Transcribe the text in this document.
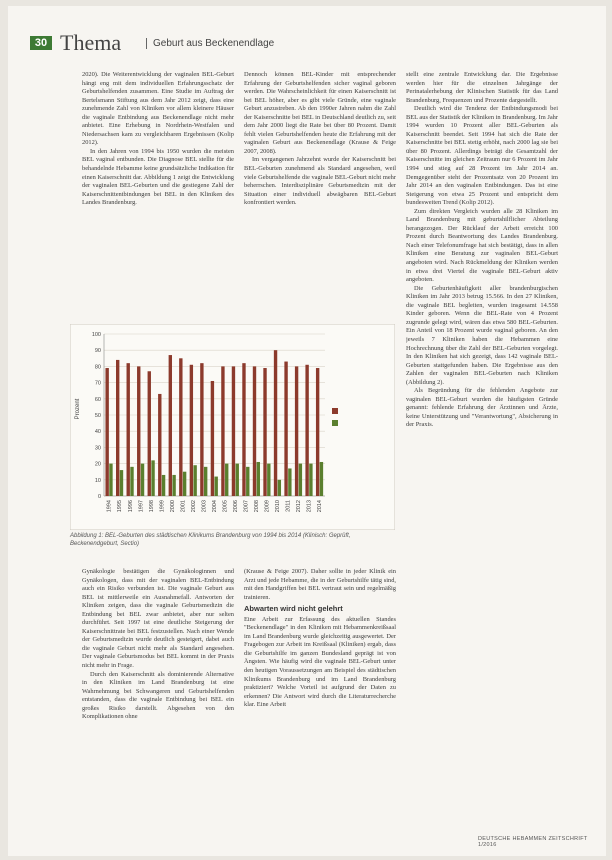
30 Thema	Geburt aus Beckenendlage

2020). Die Weiterentwicklung der vaginalen BEL-Geburt hängt eng mit dem individuellen Erfahrungsschatz der Geburtshelfenden zusammen. Eine Studie im Auftrag der Bertelsmann Stiftung aus dem Jahr 2012 zeigt, dass eine zunehmende Zahl von Kliniken vor allem kleinere Häuser die vaginale Entbindung aus Beckenendlage nicht mehr anbietet. Eine Erhebung in Nordrhein-Westfalen und Niedersachsen kam zu vergleichbaren Ergebnissen (Kolip 2012).

In den Jahren von 1994 bis 1950 wurden die meisten BEL vaginal entbunden. Die Diagnose BEL stellte für die behandelnde Hebamme keine grundsätzliche Indikation für einen Kaiserschnitt dar. Abbildung 1 zeigt die Entwicklung der vaginalen BEL-Geburten und die gestiegene Zahl der Kaiserschnittentbindungen bei BEL in den Kliniken des Landes Brandenburg.

Dennoch können BEL-Kinder mit entsprechender Erfahrung der Geburtshelfenden sicher vaginal geboren werden. Die Wahrscheinlichkeit für einen Kaiserschnitt ist bei BEL höher, aber es gibt viele Gründe, eine vaginale Geburt anzustreben. Ab den 1990er Jahren nahm die Zahl der Kaiserschnitte bei BEL in Deutschland deutlich zu, seit dem Jahr 2000 liegt die Rate bei über 80 Prozent. Damit fehlt vielen Geburtshelfenden heute die Erfahrung mit der vaginalen Geburt aus Beckenendlage (Krause & Feige 2007, 2008).

Im vergangenen Jahrzehnt wurde der Kaiserschnitt bei BEL-Geburten zunehmend als Standard angesehen, weil viele Geburtshelfende die vaginale BEL-Geburt nicht mehr beherrschen. Interdisziplinäre Geburtsmedizin mit der Situation einer individuell abwägbaren BEL-Geburt konfrontiert werden.

stellt eine zentrale Entwicklung dar. Die Ergebnisse werden hier für die einzelnen Jahrgänge der Perinatalerhebung der Klinischen Statistik für das Land Brandenburg, Frequenzen und Prozente dargestellt.

Deutlich wird die Tendenz der Entbindungsmodi bei BEL aus der Statistik der Kliniken in Brandenburg. Im Jahr 1994 wurden 10 Prozent aller BEL-Geburten als Kaiserschnitt beendet. Seit 1994 hat sich die Rate der Kaiserschnitte bei BEL stetig erhöht, nach 2000 lag sie bei über 80 Prozent. Allerdings beträgt die Gesamtzahl der Kaiserschnitte im gleichen Zeitraum nur 6 Prozent im Jahr 1994 und stieg auf 28 Prozent im Jahr 2014 an. Demgegenüber steht der Prozentsatz von 20 Prozent im Jahr 2014 an den vaginalen Entbindungen. Das ist eine Steigerung von etwa 25 Prozent und entspricht dem bundesweiten Trend (Kolip 2012).

Zum direkten Vergleich wurden alle 28 Kliniken im Land Brandenburg mit geburtshilflicher Abteilung herangezogen. Der Rücklauf der Arbeit erreicht 100 Prozent durch Beantwortung des Landes Brandenburg. Nach einer Telefonumfrage hat sich bestätigt, dass in allen Kliniken eine Beratung zur vaginalen BEL-Geburt angeboten wird. Nach Rückmeldung der Kliniken werden in etwa drei Viertel die vaginale BEL-Geburt aktiv angeboten.

Die Geburtenhäufigkeit aller brandenburgischen Kliniken im Jahr 2013 betrug 15.566. In den 27 Kliniken, die vaginale BEL begleiten, wurden insgesamt 14.558 Kinder geboren. Wenn die BEL-Rate von 4 Prozent zugrunde gelegt wird, wären das etwa 580 BEL-Geburten. Ein Anteil von 18 Prozent wurde vaginal geboren. An den jeweils 7 Kliniken haben die Hebammen eine Hochrechnung über die Zahl der BEL-Geburten vorgelegt. In den Kliniken hat sich gezeigt, dass 142 vaginale BEL-Geburten stattgefunden haben. Die Ergebnisse aus den Zahlen der vaginalen BEL-Geburten nach Kliniken (Abbildung 2).

Als Begründung für die fehlenden Angebote zur vaginalen BEL-Geburt wurden die häufigsten Gründe genannt: fehlende Erfahrung der Ärztinnen und Ärzte, keine Unterstützung und "Verantwortung", Absicherung in der Praxis.

Prozent
100
90
80
70
60
50
40
30
20
10
0
1994 1995 1996 1997 1998 1999 2000 2001 2002 2003 2004 2005 2006 2007 2008 2009 2010 2011 2012 2013 2014
Abbildung 1: BEL-Geburten des städtischen Klinikums Brandenburg von 1994 bis 2014 (Klinisch: Geprüft, Beckenendgeburt, Sectio)

Gynäkologie bestätigen die Gynäkologinnen und Gynäkologen, dass mit der vaginalen BEL-Entbindung auch ein Risiko verbunden ist. Die vaginale Geburt aus BEL ist mittlerweile ein Ausnahmefall. Antworten der Kliniken zeigen, dass die vaginale Geburtsmedizin die Entbindung bei BEL zwar anbietet, aber nur selten durchführt. Seit 1997 ist eine deutliche Steigerung der Kaiserschnittrate bei BEL festzustellen. Nach einer Wende der Geburtsmedizin wurde deutlich gesteigert, dabei auch die vaginale Geburt nicht mehr als Standard angesehen. Der vaginale Geburtsmodus bei BEL kommt in der Praxis nicht mehr in Frage.

Durch den Kaiserschnitt als dominierende Alternative in den Kliniken im Land Brandenburg ist eine Wahrnehmung bei Schwangeren und Geburtshelfenden entstanden, dass die vaginale Entbindung bei BEL ein großes Risiko darstellt. Abgesehen von den Komplikationen ohne

(Krause & Feige 2007). Daher sollte in jeder Klinik ein Arzt und jede Hebamme, die in der Geburtshilfe tätig sind, mit den Handgriffen bei BEL vertraut sein und regelmäßig trainieren.

Abwarten wird nicht gelehrt

Eine Arbeit zur Erfassung des aktuellen Standes "Beckenendlage" in den Kliniken mit Hebammenkreißsaal im Land Brandenburg wurde gleichzeitig ausgewertet. Der Fragebogen zur Arbeit im Kreißsaal (Kliniken) ergab, dass die Geburtshilfe im ganzen Bundesland geprägt ist von Ängsten. Wie häufig wird die vaginale BEL-Geburt unter den heutigen Voraussetzungen am Beispiel des städtischen Klinikums Brandenburg und im Land Brandenburg praktiziert? Welche Vorteil ist aufgrund der Daten zu erkennen? Die Antwort wird durch die Literaturrecherche klar. Eine Arbeit

DEUTSCHE HEBAMMEN ZEITSCHRIFT 1/2016
